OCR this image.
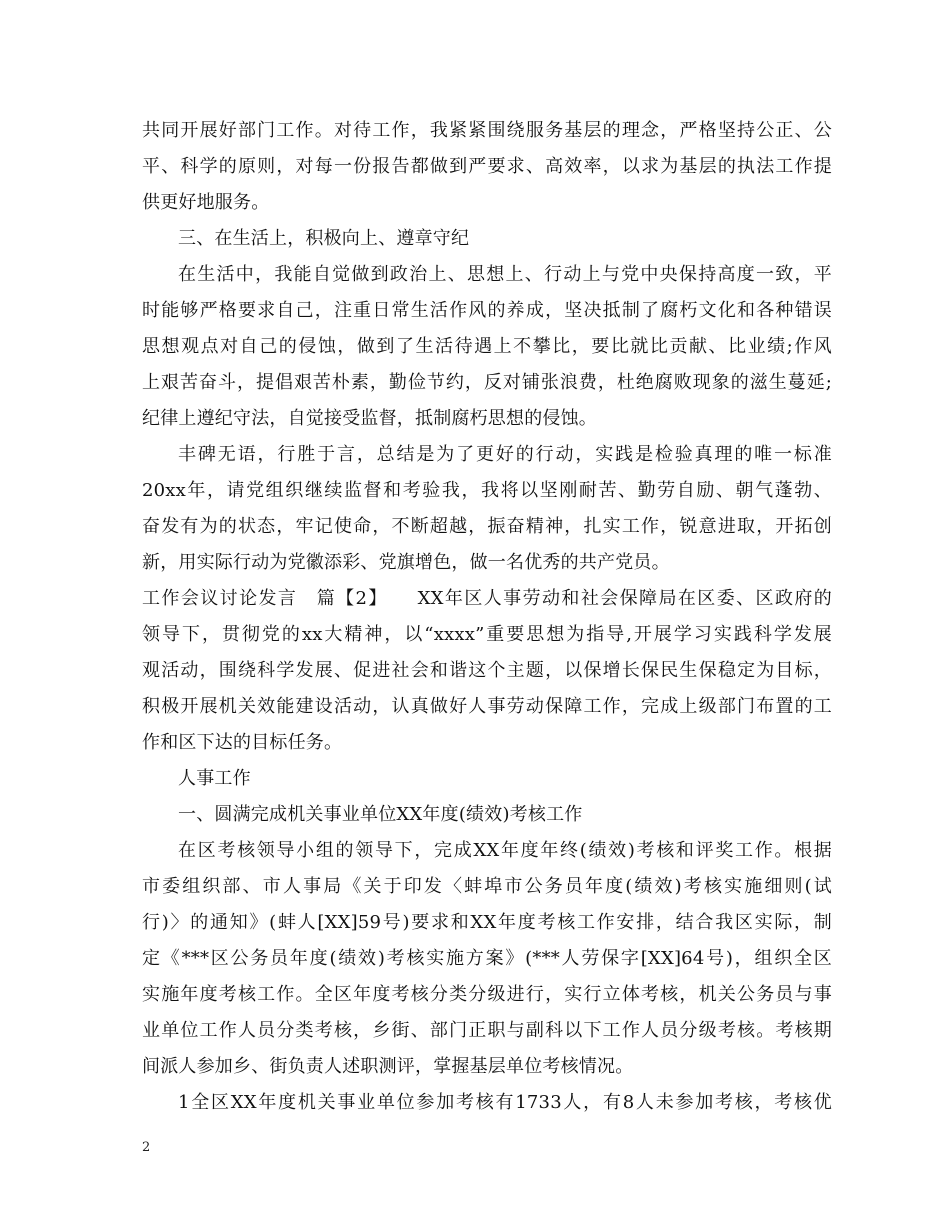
共同开展好部门工作。对待工作，我紧紧围绕服务基层的理念，严格坚持公正、公
平、科学的原则，对每一份报告都做到严要求、高效率，以求为基层的执法工作提
供更好地服务。
三、在生活上，积极向上、遵章守纪
在生活中，我能自觉做到政治上、思想上、行动上与党中央保持高度一致，平
时能够严格要求自己，注重日常生活作风的养成，坚决抵制了腐朽文化和各种错误
思想观点对自己的侵蚀，做到了生活待遇上不攀比，要比就比贡献、比业绩;作风
上艰苦奋斗，提倡艰苦朴素，勤俭节约，反对铺张浪费，杜绝腐败现象的滋生蔓延;
纪律上遵纪守法，自觉接受监督，抵制腐朽思想的侵蚀。
丰碑无语，行胜于言，总结是为了更好的行动，实践是检验真理的唯一标准
20xx年，请党组织继续监督和考验我，我将以坚刚耐苦、勤劳自励、朝气蓬勃、
奋发有为的状态，牢记使命，不断超越，振奋精神，扎实工作，锐意进取，开拓创
新，用实际行动为党徽添彩、党旗增色，做一名优秀的共产党员。
工作会议讨论发言　篇【2】　　XX年区人事劳动和社会保障局在区委、区政府的
领导下，贯彻党的xx大精神，以“xxxx”重要思想为指导,开展学习实践科学发展
观活动，围绕科学发展、促进社会和谐这个主题，以保增长保民生保稳定为目标，
积极开展机关效能建设活动，认真做好人事劳动保障工作，完成上级部门布置的工
作和区下达的目标任务。
人事工作
一、圆满完成机关事业单位XX年度(绩效)考核工作
在区考核领导小组的领导下，完成XX年度年终(绩效)考核和评奖工作。根据
市委组织部、市人事局《关于印发〈蚌埠市公务员年度(绩效)考核实施细则(试
行)〉的通知》(蚌人[XX]59号)要求和XX年度考核工作安排，结合我区实际，制
定《***区公务员年度(绩效)考核实施方案》(***人劳保字[XX]64号)，组织全区
实施年度考核工作。全区年度考核分类分级进行，实行立体考核，机关公务员与事
业单位工作人员分类考核，乡街、部门正职与副科以下工作人员分级考核。考核期
间派人参加乡、街负责人述职测评，掌握基层单位考核情况。
1全区XX年度机关事业单位参加考核有1733人，有8人未参加考核，考核优
2
